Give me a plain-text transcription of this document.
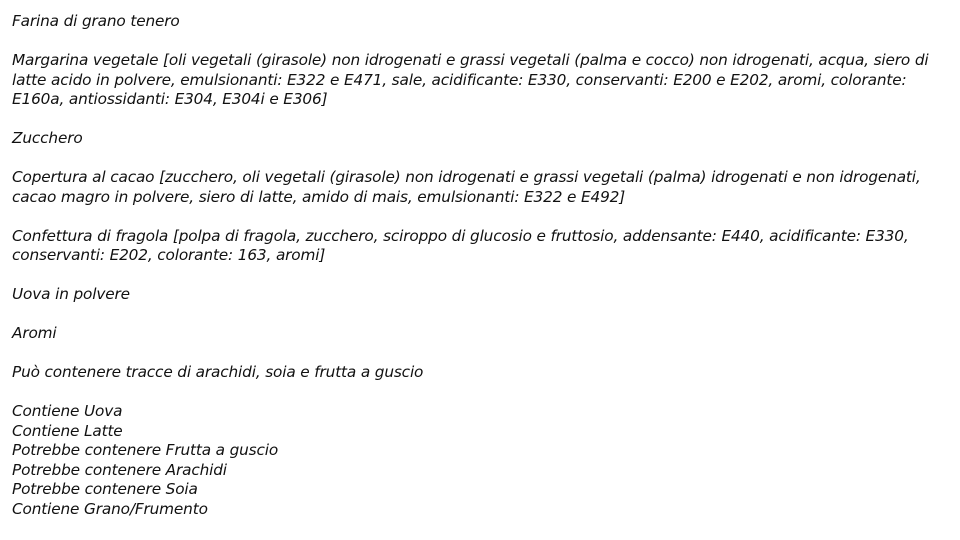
Farina di grano tenero

Margarina vegetale [oli vegetali (girasole) non idrogenati e grassi vegetali (palma e cocco) non idrogenati, acqua, siero di latte acido in polvere, emulsionanti: E322 e E471, sale, acidificante: E330, conservanti: E200 e E202, aromi, colorante: E160a, antiossidanti: E304, E304i e E306]

Zucchero

Copertura al cacao [zucchero, oli vegetali (girasole) non idrogenati e grassi vegetali (palma) idrogenati e non idrogenati, cacao magro in polvere, siero di latte, amido di mais, emulsionanti: E322 e E492]

Confettura di fragola [polpa di fragola, zucchero, sciroppo di glucosio e fruttosio, addensante: E440, acidificante: E330, conservanti: E202, colorante: 163, aromi]

Uova in polvere

Aromi

Può contenere tracce di arachidi, soia e frutta a guscio

Contiene Uova
Contiene Latte
Potrebbe contenere Frutta a guscio
Potrebbe contenere Arachidi
Potrebbe contenere Soia
Contiene Grano/Frumento
